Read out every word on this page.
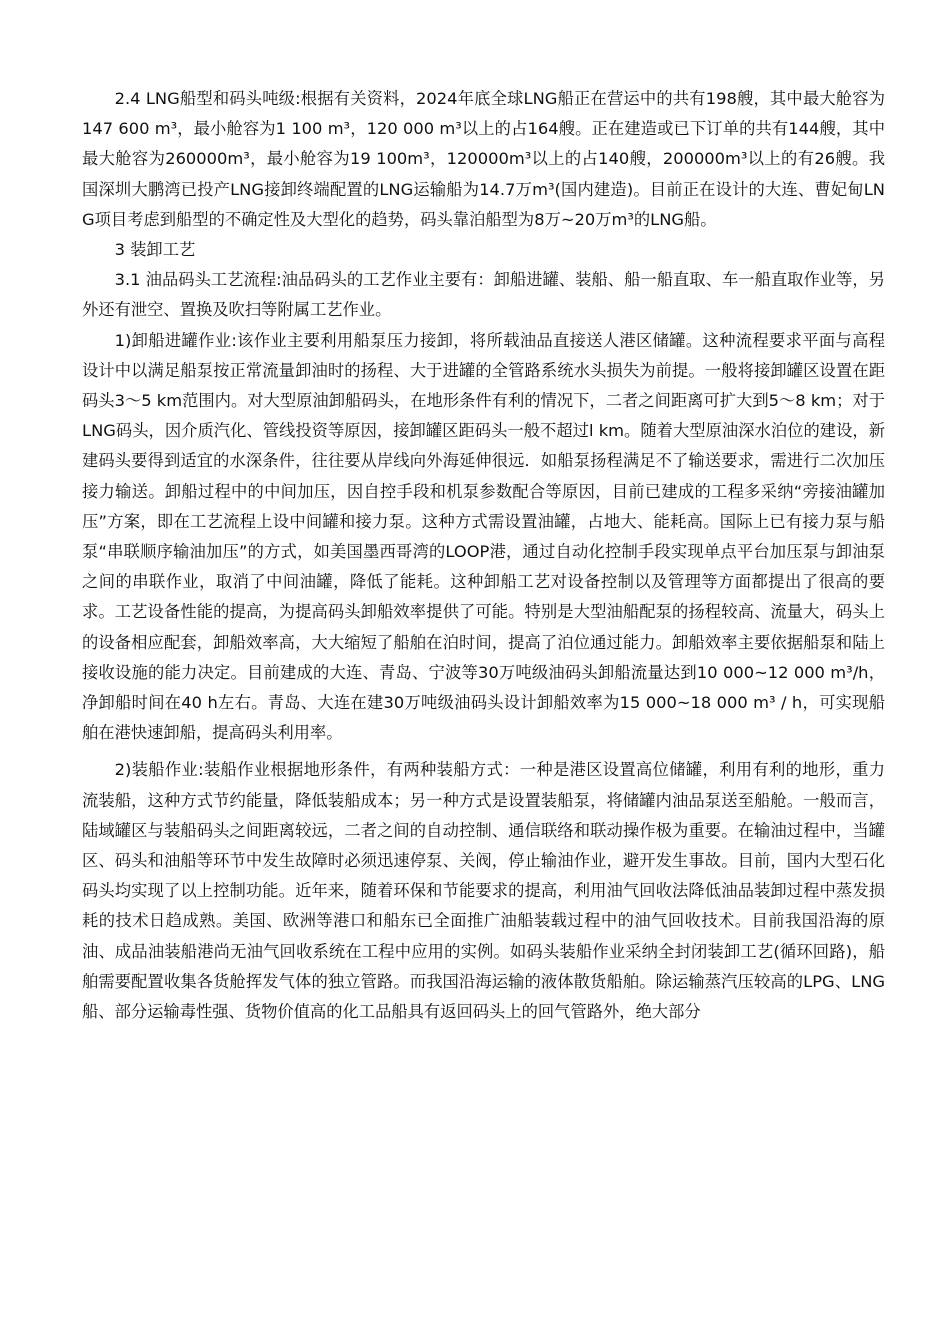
2.4 LNG船型和码头吨级:根据有关资料，2024年底全球LNG船正在营运中的共有198艘，其中最大舱容为147 600 m³，最小舱容为1 100 m³，120 000 m³以上的占164艘。正在建造或已下订单的共有144艘，其中最大舱容为260000m³，最小舱容为19 100m³，120000m³以上的占140艘，200000m³以上的有26艘。我国深圳大鹏湾已投产LNG接卸终端配置的LNG运输船为14.7万m³(国内建造)。目前正在设计的大连、曹妃甸LNG项目考虑到船型的不确定性及大型化的趋势，码头靠泊船型为8万~20万m³的LNG船。

3 装卸工艺

3.1 油品码头工艺流程:油品码头的工艺作业主要有：卸船进罐、装船、船一船直取、车一船直取作业等，另外还有泄空、置换及吹扫等附属工艺作业。

1)卸船进罐作业:该作业主要利用船泵压力接卸，将所载油品直接送人港区储罐。这种流程要求平面与高程设计中以满足船泵按正常流量卸油时的扬程、大于进罐的全管路系统水头损失为前提。一般将接卸罐区设置在距码头3～5 km范围内。对大型原油卸船码头，在地形条件有利的情况下，二者之间距离可扩大到5～8 km；对于LNG码头，因介质汽化、管线投资等原因，接卸罐区距码头一般不超过l km。随着大型原油深水泊位的建设，新建码头要得到适宜的水深条件，往往要从岸线向外海延伸很远．如船泵扬程满足不了输送要求，需进行二次加压接力输送。卸船过程中的中间加压，因自控手段和机泵参数配合等原因，目前已建成的工程多采纳“旁接油罐加压”方案，即在工艺流程上设中间罐和接力泵。这种方式需设置油罐，占地大、能耗高。国际上已有接力泵与船泵“串联顺序输油加压”的方式，如美国墨西哥湾的LOOP港，通过自动化控制手段实现单点平台加压泵与卸油泵之间的串联作业，取消了中间油罐，降低了能耗。这种卸船工艺对设备控制以及管理等方面都提出了很高的要求。工艺设备性能的提高，为提高码头卸船效率提供了可能。特别是大型油船配泵的扬程较高、流量大，码头上的设备相应配套，卸船效率高，大大缩短了船舶在泊时间，提高了泊位通过能力。卸船效率主要依据船泵和陆上接收设施的能力决定。目前建成的大连、青岛、宁波等30万吨级油码头卸船流量达到10 000~12 000 m³/h，净卸船时间在40 h左右。青岛、大连在建30万吨级油码头设计卸船效率为15 000~18 000 m³ / h，可实现船舶在港快速卸船，提高码头利用率。

2)装船作业:装船作业根据地形条件，有两种装船方式：一种是港区设置高位储罐，利用有利的地形，重力流装船，这种方式节约能量，降低装船成本；另一种方式是设置装船泵，将储罐内油品泵送至船舱。一般而言，陆域罐区与装船码头之间距离较远，二者之间的自动控制、通信联络和联动操作极为重要。在输油过程中，当罐区、码头和油船等环节中发生故障时必须迅速停泵、关阀，停止输油作业，避开发生事故。目前，国内大型石化码头均实现了以上控制功能。近年来，随着环保和节能要求的提高，利用油气回收法降低油品装卸过程中蒸发损耗的技术日趋成熟。美国、欧洲等港口和船东已全面推广油船装载过程中的油气回收技术。目前我国沿海的原油、成品油装船港尚无油气回收系统在工程中应用的实例。如码头装船作业采纳全封闭装卸工艺(循环回路)，船舶需要配置收集各货舱挥发气体的独立管路。而我国沿海运输的液体散货船舶。除运输蒸汽压较高的LPG、LNG船、部分运输毒性强、货物价值高的化工品船具有返回码头上的回气管路外，绝大部分
